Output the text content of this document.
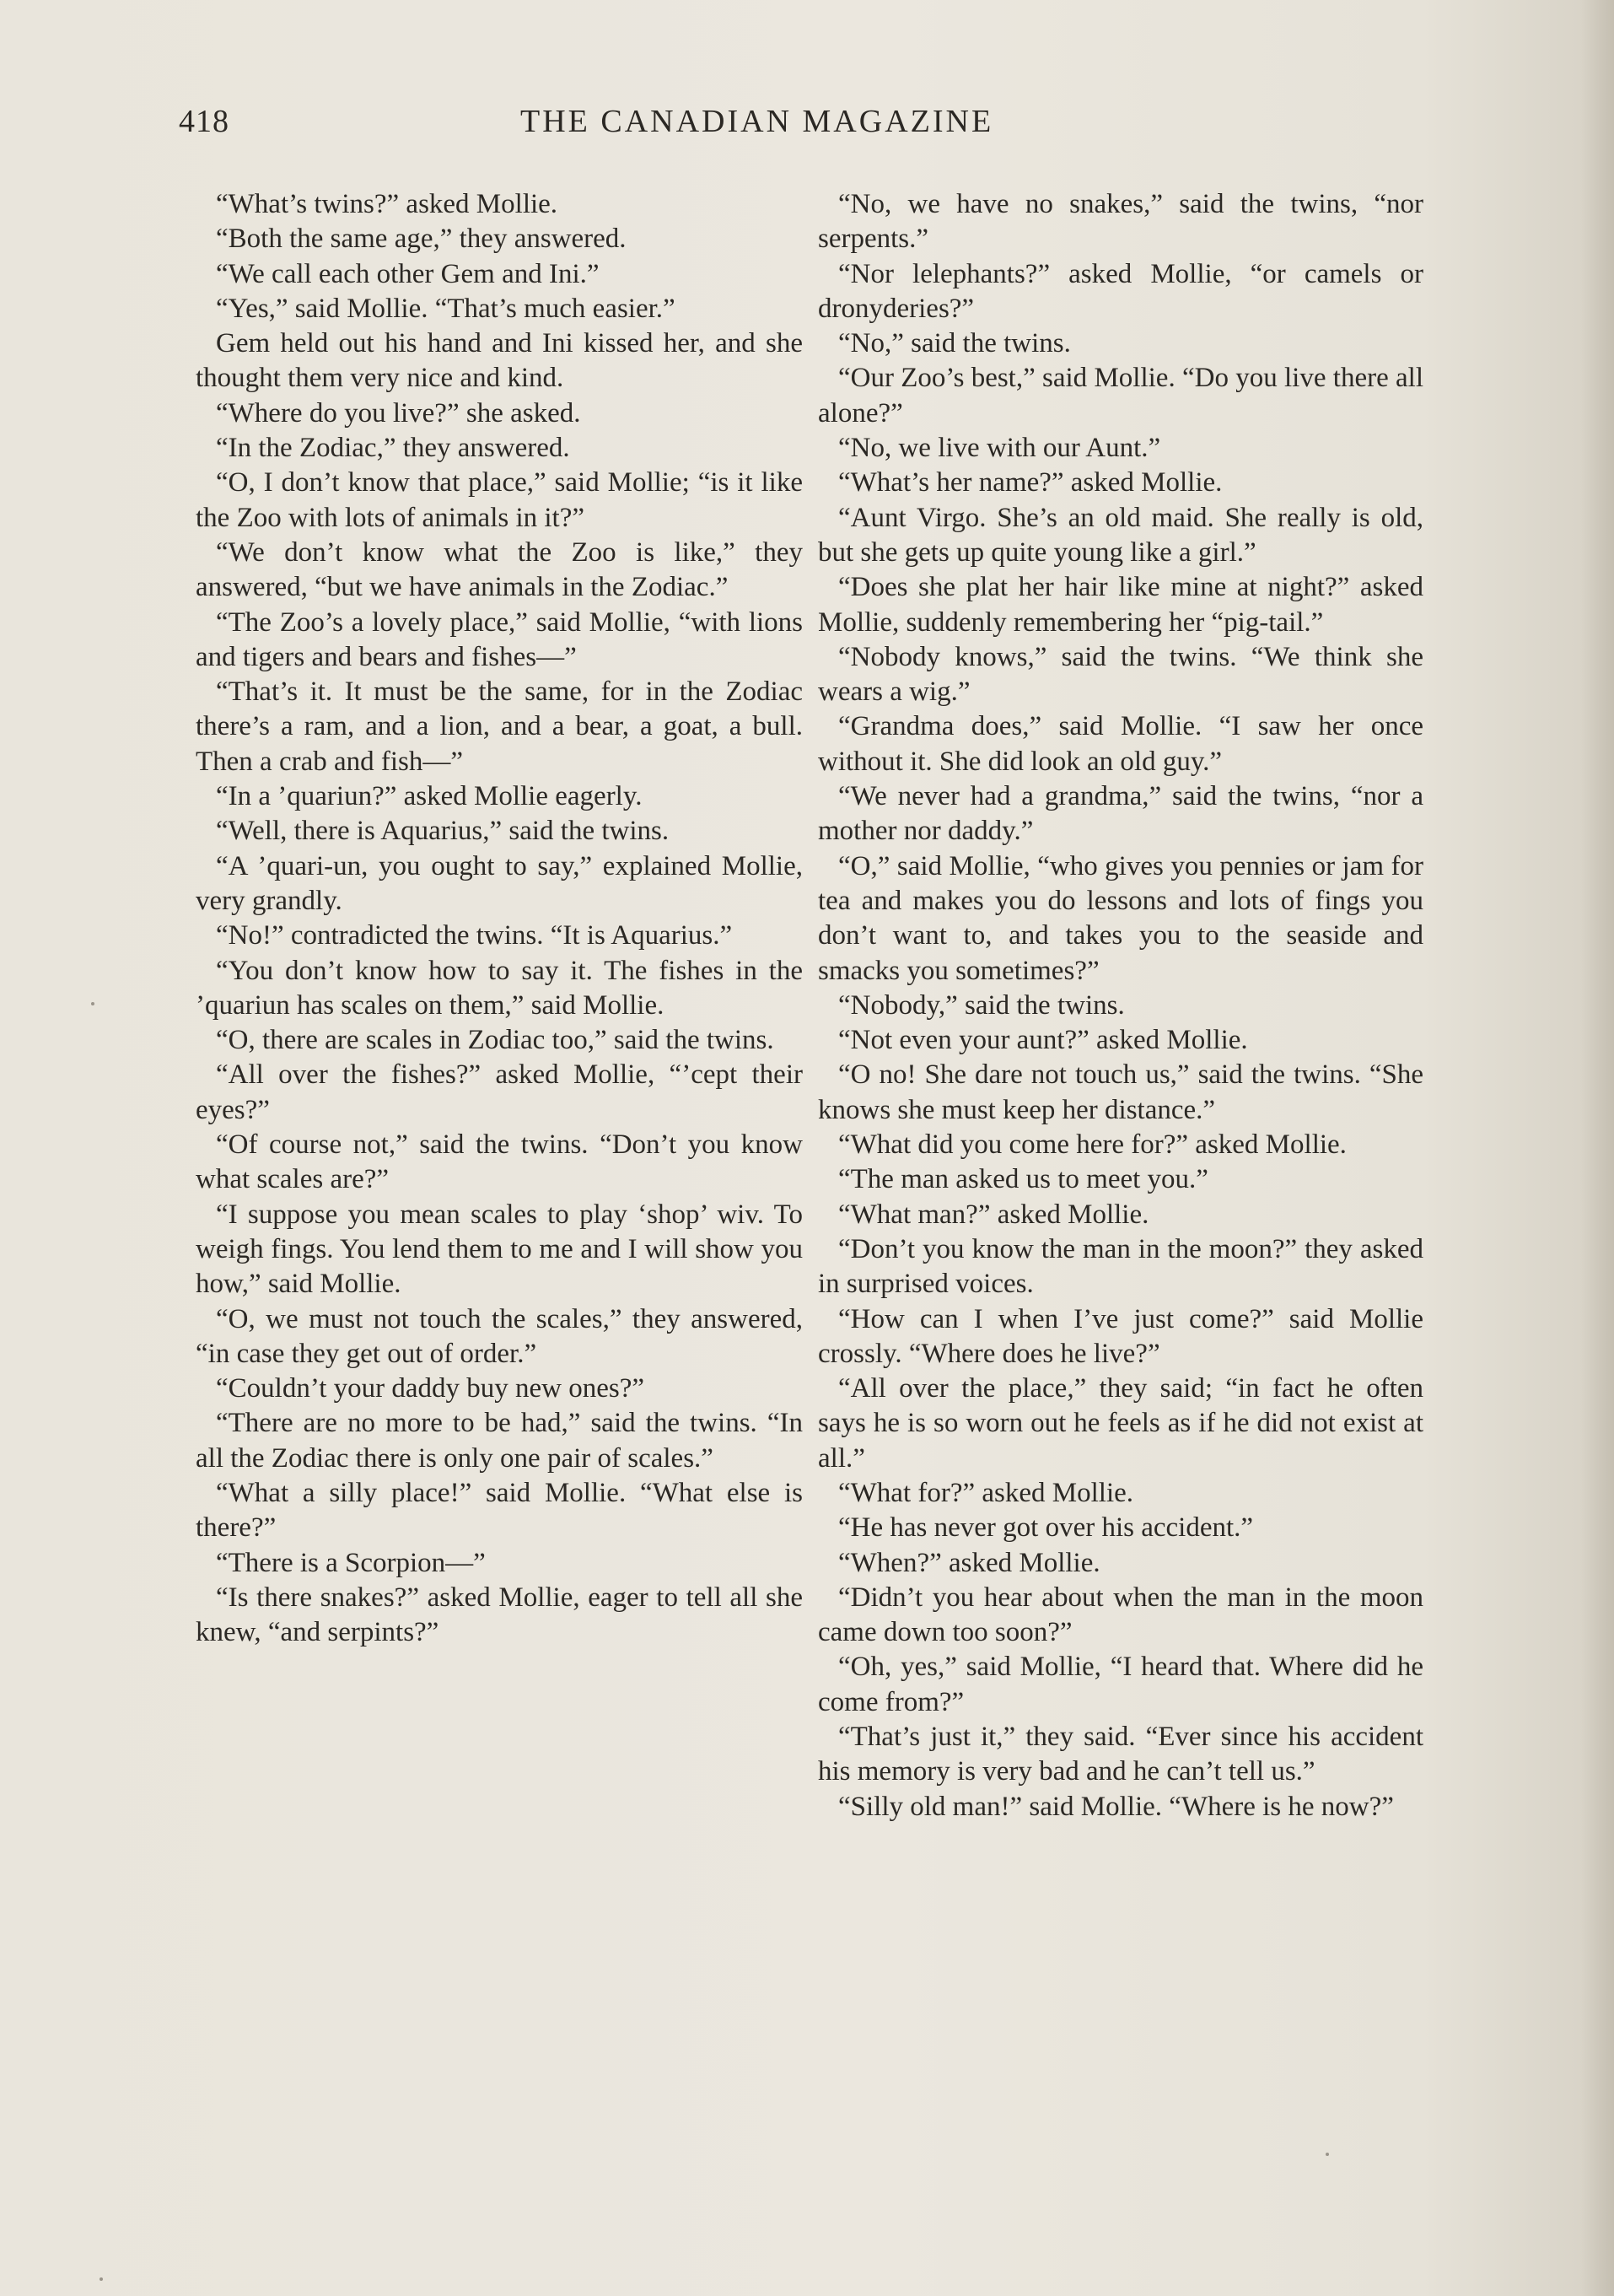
418	THE CANADIAN MAGAZINE

“What’s twins?” asked Mollie.

“Both the same age,” they answered.

“We call each other Gem and Ini.”

“Yes,” said Mollie. “That’s much easier.”

Gem held out his hand and Ini kissed her, and she thought them very nice and kind.

“Where do you live?” she asked.

“In the Zodiac,” they answered.

“O, I don’t know that place,” said Mollie; “is it like the Zoo with lots of animals in it?”

“We don’t know what the Zoo is like,” they answered, “but we have animals in the Zodiac.”

“The Zoo’s a lovely place,” said Mollie, “with lions and tigers and bears and fishes—”

“That’s it. It must be the same, for in the Zodiac there’s a ram, and a lion, and a bear, a goat, a bull. Then a crab and fish—”

“In a ’quariun?” asked Mollie eagerly.

“Well, there is Aquarius,” said the twins.

“A ’quari-un, you ought to say,” explained Mollie, very grandly.

“No!” contradicted the twins. “It is Aquarius.”

“You don’t know how to say it. The fishes in the ’quariun has scales on them,” said Mollie.

“O, there are scales in Zodiac too,” said the twins.

“All over the fishes?” asked Mollie, “’cept their eyes?”

“Of course not,” said the twins. “Don’t you know what scales are?”

“I suppose you mean scales to play ‘shop’ wiv. To weigh fings. You lend them to me and I will show you how,” said Mollie.

“O, we must not touch the scales,” they answered, “in case they get out of order.”

“Couldn’t your daddy buy new ones?”

“There are no more to be had,” said the twins. “In all the Zodiac there is only one pair of scales.”

“What a silly place!” said Mollie. “What else is there?”

“There is a Scorpion—”

“Is there snakes?” asked Mollie, eager to tell all she knew, “and serpints?”

“No, we have no snakes,” said the twins, “nor serpents.”

“Nor lelephants?” asked Mollie, “or camels or dronyderies?”

“No,” said the twins.

“Our Zoo’s best,” said Mollie. “Do you live there all alone?”

“No, we live with our Aunt.”

“What’s her name?” asked Mollie.

“Aunt Virgo. She’s an old maid. She really is old, but she gets up quite young like a girl.”

“Does she plat her hair like mine at night?” asked Mollie, suddenly remembering her “pig-tail.”

“Nobody knows,” said the twins. “We think she wears a wig.”

“Grandma does,” said Mollie. “I saw her once without it. She did look an old guy.”

“We never had a grandma,” said the twins, “nor a mother nor daddy.”

“O,” said Mollie, “who gives you pennies or jam for tea and makes you do lessons and lots of fings you don’t want to, and takes you to the seaside and smacks you sometimes?”

“Nobody,” said the twins.

“Not even your aunt?” asked Mollie.

“O no! She dare not touch us,” said the twins. “She knows she must keep her distance.”

“What did you come here for?” asked Mollie.

“The man asked us to meet you.”

“What man?” asked Mollie.

“Don’t you know the man in the moon?” they asked in surprised voices.

“How can I when I’ve just come?” said Mollie crossly. “Where does he live?”

“All over the place,” they said; “in fact he often says he is so worn out he feels as if he did not exist at all.”

“What for?” asked Mollie.

“He has never got over his accident.”

“When?” asked Mollie.

“Didn’t you hear about when the man in the moon came down too soon?”

“Oh, yes,” said Mollie, “I heard that. Where did he come from?”

“That’s just it,” they said. “Ever since his accident his memory is very bad and he can’t tell us.”

“Silly old man!” said Mollie. “Where is he now?”
